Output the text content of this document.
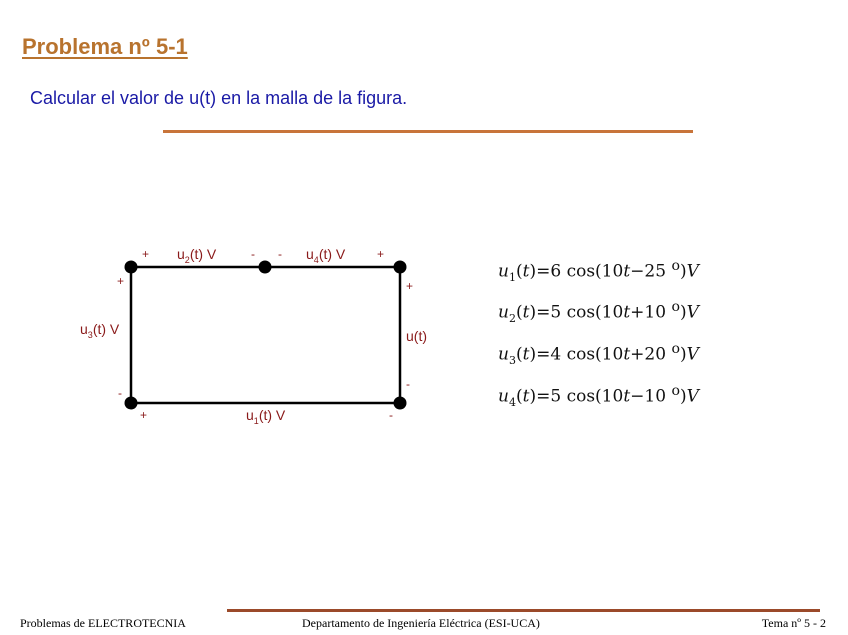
Problema nº 5-1
Calcular el valor de u(t) en la malla de la figura.
$u_2(t)$ V	$u_4(t)$ V
$u_3(t)$ V
$u_1(t)$ V
u(t)
+	- -	+
+
-
+	-
+
-
$u_1(t)=6$ cos(10t−25 $^o$)V
$u_2(t)=5$ cos(10t+10 $^o$)V
$u_3(t)=4$ cos(10t+20 $^o$)V
$u_4(t)=5$ cos(10t−10 $^o$)V
Problemas de ELECTROTECNIA	Departamento de Ingeniería Eléctrica (ESI-UCA)	Tema nº 5 - 2
